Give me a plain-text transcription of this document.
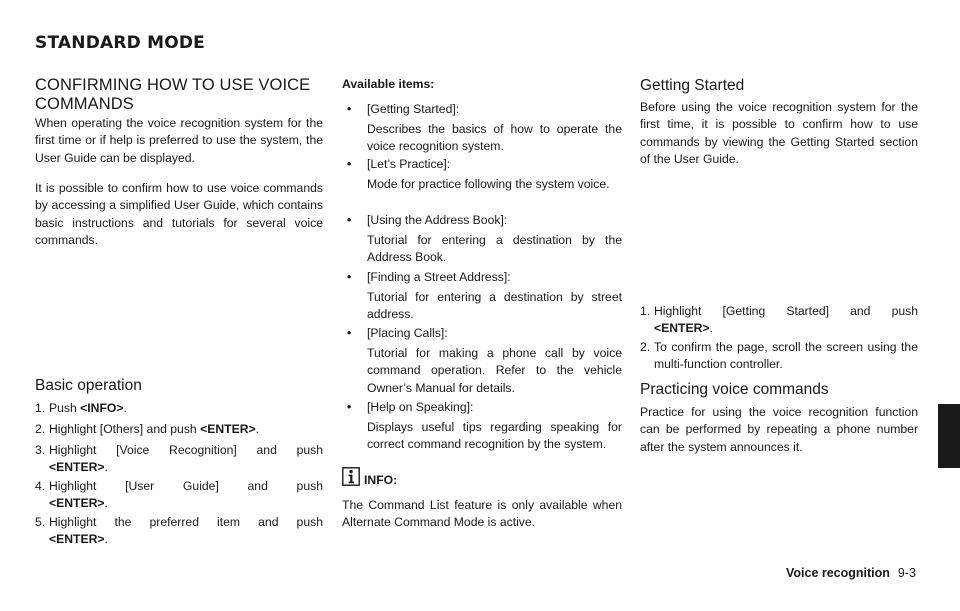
STANDARD MODE
CONFIRMING HOW TO USE VOICE
COMMANDS
When operating the voice recognition system for the first time or if help is preferred to use the system, the User Guide can be displayed.
It is possible to confirm how to use voice commands by accessing a simplified User Guide, which contains basic instructions and tutorials for several voice commands.
Basic operation
1. Push <INFO>.
2. Highlight [Others] and push <ENTER>.
3. Highlight [Voice Recognition] and push
<ENTER>.
4. Highlight [User Guide] and push
<ENTER>.
5. Highlight the preferred item and push
<ENTER>.
Available items:
• [Getting Started]:
Describes the basics of how to operate the voice recognition system.
• [Let’s Practice]:
Mode for practice following the system voice.
• [Using the Address Book]:
Tutorial for entering a destination by the Address Book.
• [Finding a Street Address]:
Tutorial for entering a destination by street address.
• [Placing Calls]:
Tutorial for making a phone call by voice command operation. Refer to the vehicle Owner’s Manual for details.
• [Help on Speaking]:
Displays useful tips regarding speaking for correct command recognition by the system.
INFO:
The Command List feature is only available when Alternate Command Mode is active.
Getting Started
Before using the voice recognition system for the first time, it is possible to confirm how to use commands by viewing the Getting Started section of the User Guide.
1. Highlight [Getting Started] and push
<ENTER>.
2. To confirm the page, scroll the screen using the multi-function controller.
Practicing voice commands
Practice for using the voice recognition function can be performed by repeating a phone number after the system announces it.
Voice recognition 9-3
